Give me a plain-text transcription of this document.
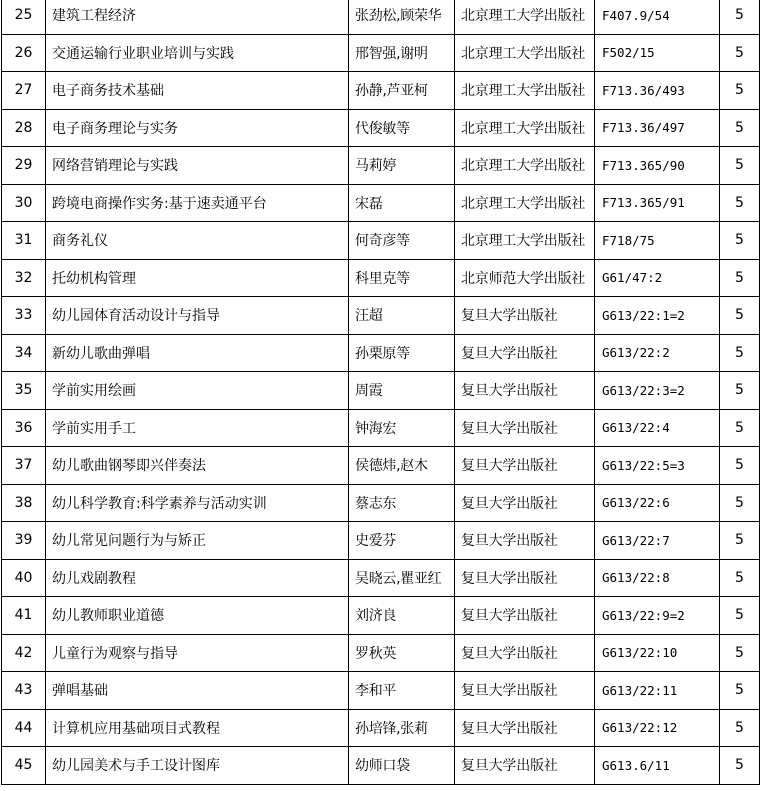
25	建筑工程经济	张劲松,顾荣华	北京理工大学出版社	F407.9/54	5
26	交通运输行业职业培训与实践	邢智强,谢明	北京理工大学出版社	F502/15	5
27	电子商务技术基础	孙静,芦亚柯	北京理工大学出版社	F713.36/493	5
28	电子商务理论与实务	代俊敏等	北京理工大学出版社	F713.36/497	5
29	网络营销理论与实践	马莉婷	北京理工大学出版社	F713.365/90	5
30	跨境电商操作实务:基于速卖通平台	宋磊	北京理工大学出版社	F713.365/91	5
31	商务礼仪	何奇彦等	北京理工大学出版社	F718/75	5
32	托幼机构管理	科里克等	北京师范大学出版社	G61/47:2	5
33	幼儿园体育活动设计与指导	汪超	复旦大学出版社	G613/22:1=2	5
34	新幼儿歌曲弹唱	孙栗原等	复旦大学出版社	G613/22:2	5
35	学前实用绘画	周霞	复旦大学出版社	G613/22:3=2	5
36	学前实用手工	钟海宏	复旦大学出版社	G613/22:4	5
37	幼儿歌曲钢琴即兴伴奏法	侯德炜,赵木	复旦大学出版社	G613/22:5=3	5
38	幼儿科学教育:科学素养与活动实训	蔡志东	复旦大学出版社	G613/22:6	5
39	幼儿常见问题行为与矫正	史爱芬	复旦大学出版社	G613/22:7	5
40	幼儿戏剧教程	吴晓云,瞿亚红	复旦大学出版社	G613/22:8	5
41	幼儿教师职业道德	刘济良	复旦大学出版社	G613/22:9=2	5
42	儿童行为观察与指导	罗秋英	复旦大学出版社	G613/22:10	5
43	弹唱基础	李和平	复旦大学出版社	G613/22:11	5
44	计算机应用基础项目式教程	孙培锋,张莉	复旦大学出版社	G613/22:12	5
45	幼儿园美术与手工设计图库	幼师口袋	复旦大学出版社	G613.6/11	5
